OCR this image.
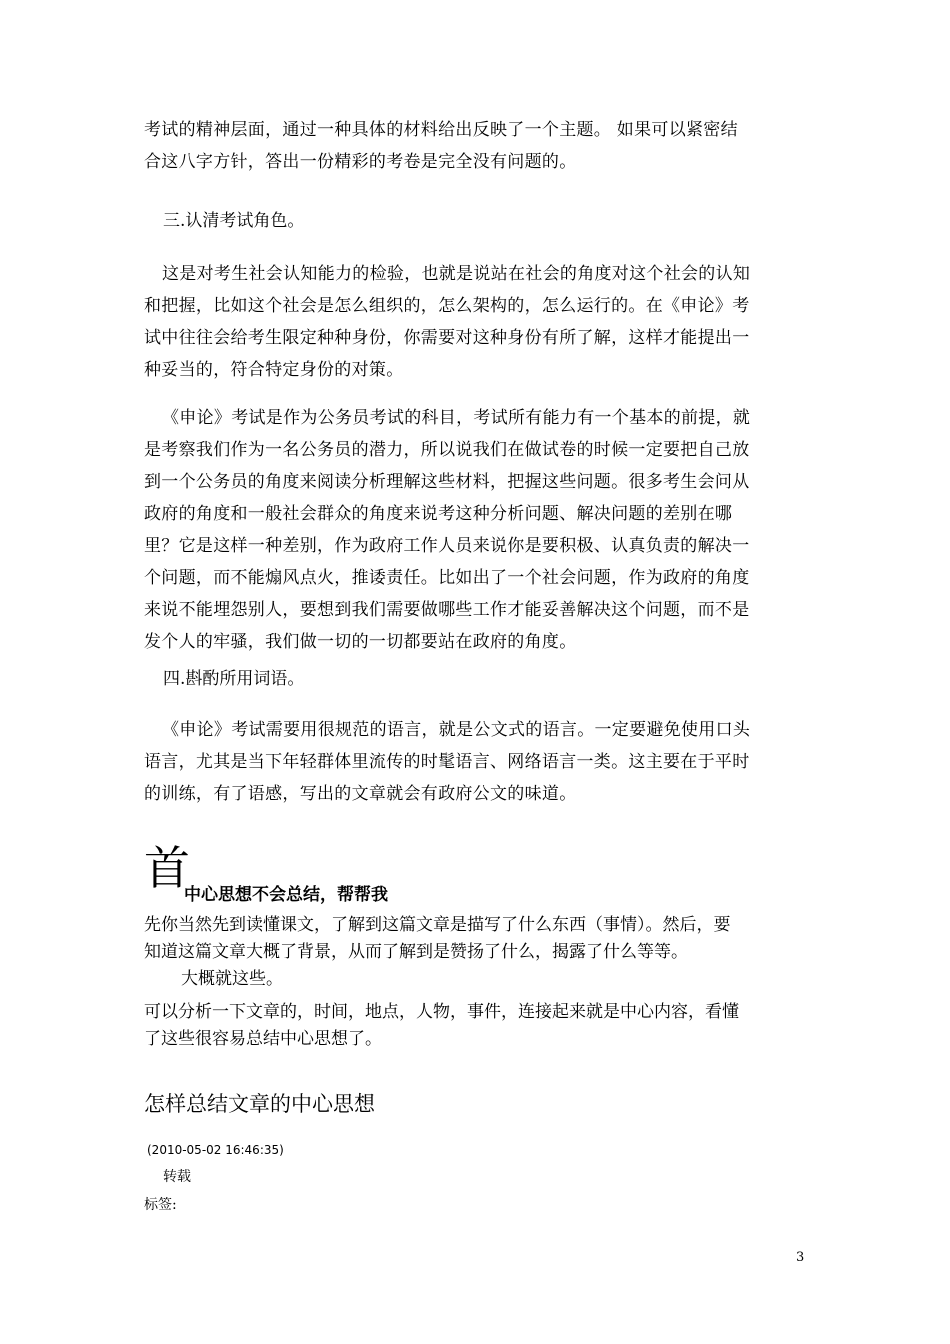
考试的精神层面，通过一种具体的材料给出反映了一个主题。 如果可以紧密结
合这八字方针，答出一份精彩的考卷是完全没有问题的。
三.认清考试角色。
这是对考生社会认知能力的检验，也就是说站在社会的角度对这个社会的认知
和把握，比如这个社会是怎么组织的，怎么架构的，怎么运行的。在《申论》考
试中往往会给考生限定种种身份，你需要对这种身份有所了解，这样才能提出一
种妥当的，符合特定身份的对策。
《申论》考试是作为公务员考试的科目，考试所有能力有一个基本的前提，就
是考察我们作为一名公务员的潜力，所以说我们在做试卷的时候一定要把自己放
到一个公务员的角度来阅读分析理解这些材料，把握这些问题。很多考生会问从
政府的角度和一般社会群众的角度来说考这种分析问题、解决问题的差别在哪
里？它是这样一种差别，作为政府工作人员来说你是要积极、认真负责的解决一
个问题，而不能煽风点火，推诿责任。比如出了一个社会问题，作为政府的角度
来说不能埋怨别人，要想到我们需要做哪些工作才能妥善解决这个问题，而不是
发个人的牢骚，我们做一切的一切都要站在政府的角度。
四.斟酌所用词语。
《申论》考试需要用很规范的语言，就是公文式的语言。一定要避免使用口头
语言，尤其是当下年轻群体里流传的时髦语言、网络语言一类。这主要在于平时
的训练，有了语感，写出的文章就会有政府公文的味道。
首
中心思想不会总结，帮帮我
先你当然先到读懂课文，了解到这篇文章是描写了什么东西（事情）。然后，要
知道这篇文章大概了背景，从而了解到是赞扬了什么，揭露了什么等等。
大概就这些。
可以分析一下文章的，时间，地点，人物，事件，连接起来就是中心内容，看懂
了这些很容易总结中心思想了。
怎样总结文章的中心思想
(2010-05-02 16:46:35)
转载
标签:
3
